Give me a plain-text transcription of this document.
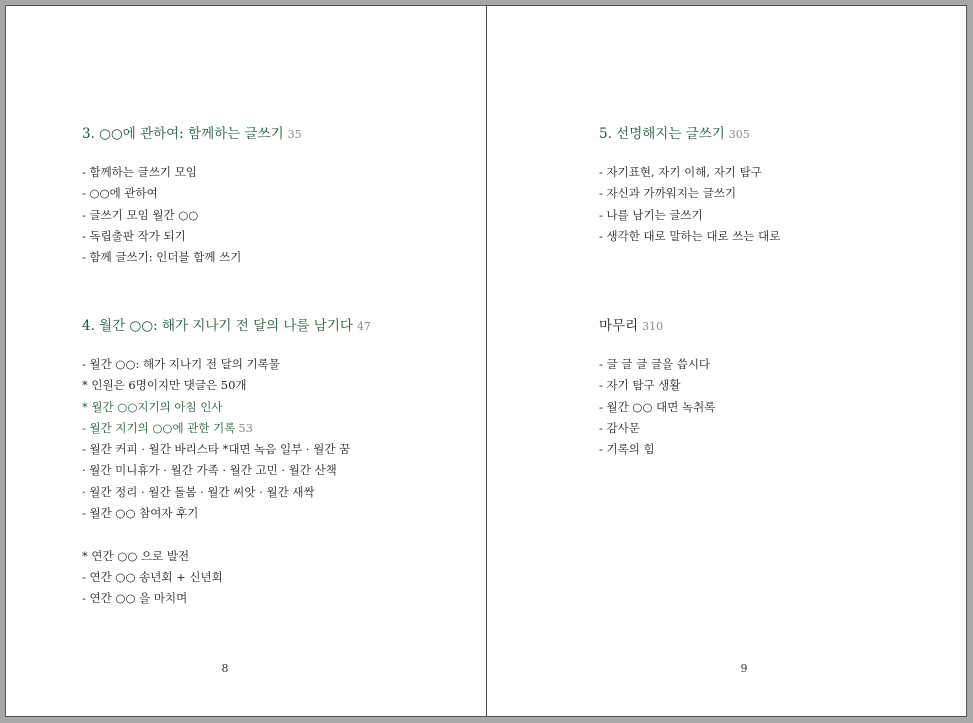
3. ○○에 관하여: 함께하는 글쓰기 35
- 함께하는 글쓰기 모임
- ○○에 관하여
- 글쓰기 모임 월간 ○○
- 독립출판 작가 되기
- 함께 글쓰기: 인더블 함께 쓰기
4. 월간 ○○: 해가 지나기 전 달의 나를 남기다 47
- 월간 ○○: 해가 지나기 전 달의 기록물
* 인원은 6명이지만 댓글은 50개
* 월간 ○○지기의 아침 인사
- 월간 지기의 ○○에 관한 기록 53
- 월간 커피 · 월간 바리스타 *대면 녹음 일부 · 월간 꿈
· 월간 미니휴가 · 월간 가족 · 월간 고민 · 월간 산책
· 월간 정리 · 월간 돌봄 · 월간 씨앗 · 월간 새싹
- 월간 ○○ 참여자 후기
* 연간 ○○ 으로 발전
- 연간 ○○ 송년회 + 신년회
- 연간 ○○ 을 마치며
8
5. 선명해지는 글쓰기 305
- 자기표현, 자기 이해, 자기 탐구
- 자신과 가까워지는 글쓰기
- 나를 남기는 글쓰기
- 생각한 대로 말하는 대로 쓰는 대로
마무리 310
- 글 글 글 글을 씁시다
- 자기 탐구 생활
- 월간 ○○ 대면 녹취록
- 감사문
- 기록의 힘
9
